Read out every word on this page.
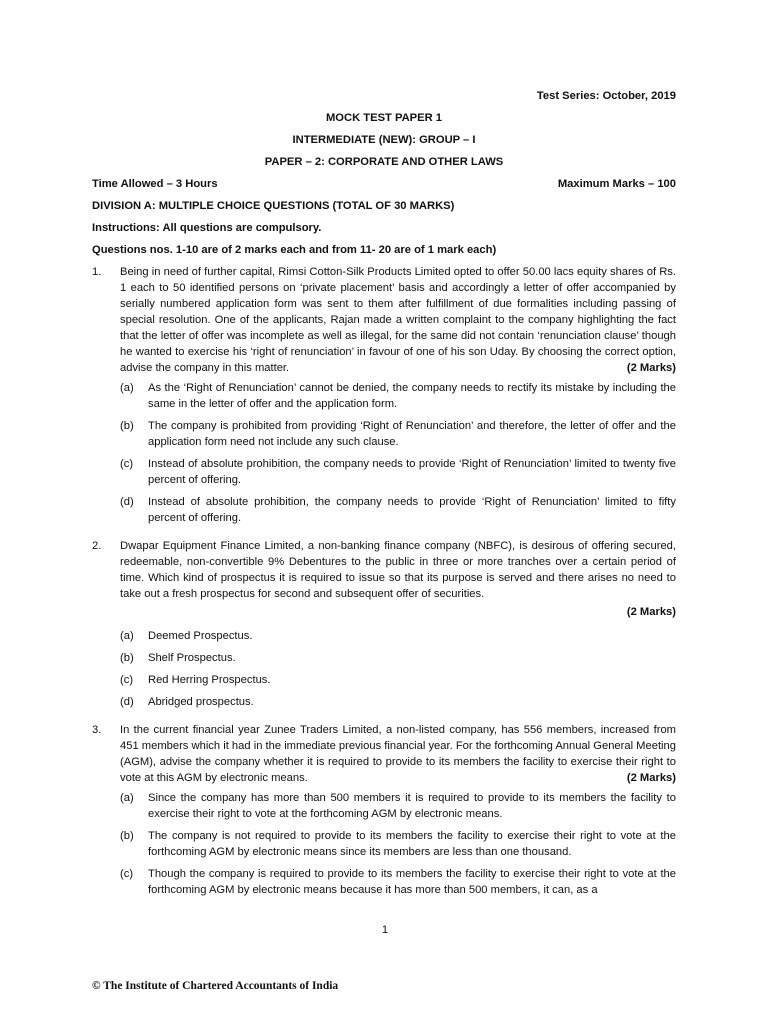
Test Series: October, 2019
MOCK TEST PAPER 1
INTERMEDIATE (NEW): GROUP – I
PAPER – 2: CORPORATE AND OTHER LAWS
Time Allowed – 3 Hours	Maximum Marks – 100
DIVISION A: MULTIPLE CHOICE QUESTIONS (TOTAL OF 30 MARKS)
Instructions: All questions are compulsory.
Questions nos. 1-10 are of 2 marks each and from 11- 20 are of 1 mark each)
1.	Being in need of further capital, Rimsi Cotton-Silk Products Limited opted to offer 50.00 lacs equity shares of Rs. 1 each to 50 identified persons on ‘private placement’ basis and accordingly a letter of offer accompanied by serially numbered application form was sent to them after fulfillment of due formalities including passing of special resolution. One of the applicants, Rajan made a written complaint to the company highlighting the fact that the letter of offer was incomplete as well as illegal, for the same did not contain ‘renunciation clause’ though he wanted to exercise his ‘right of renunciation’ in favour of one of his son Uday. By choosing the correct option, advise the company in this matter.	(2 Marks)

(a)	As the ‘Right of Renunciation’ cannot be denied, the company needs to rectify its mistake by including the same in the letter of offer and the application form.
(b)	The company is prohibited from providing ‘Right of Renunciation’ and therefore, the letter of offer and the application form need not include any such clause.
(c)	Instead of absolute prohibition, the company needs to provide ‘Right of Renunciation’ limited to twenty five percent of offering.
(d)	Instead of absolute prohibition, the company needs to provide ‘Right of Renunciation’ limited to fifty percent of offering.
2.	Dwapar Equipment Finance Limited, a non-banking finance company (NBFC), is desirous of offering secured, redeemable, non-convertible 9% Debentures to the public in three or more tranches over a certain period of time. Which kind of prospectus it is required to issue so that its purpose is served and there arises no need to take out a fresh prospectus for second and subsequent offer of securities.

(2 Marks)
(a)	Deemed Prospectus.
(b)	Shelf Prospectus.
(c)	Red Herring Prospectus.
(d)	Abridged prospectus.
3.	In the current financial year Zunee Traders Limited, a non-listed company, has 556 members, increased from 451 members which it had in the immediate previous financial year. For the forthcoming Annual General Meeting (AGM), advise the company whether it is required to provide to its members the facility to exercise their right to vote at this AGM by electronic means.	(2 Marks)

(a)	Since the company has more than 500 members it is required to provide to its members the facility to exercise their right to vote at the forthcoming AGM by electronic means.
(b)	The company is not required to provide to its members the facility to exercise their right to vote at the forthcoming AGM by electronic means since its members are less than one thousand.
(c)	Though the company is required to provide to its members the facility to exercise their right to vote at the forthcoming AGM by electronic means because it has more than 500 members, it can, as a
1
© The Institute of Chartered Accountants of India
